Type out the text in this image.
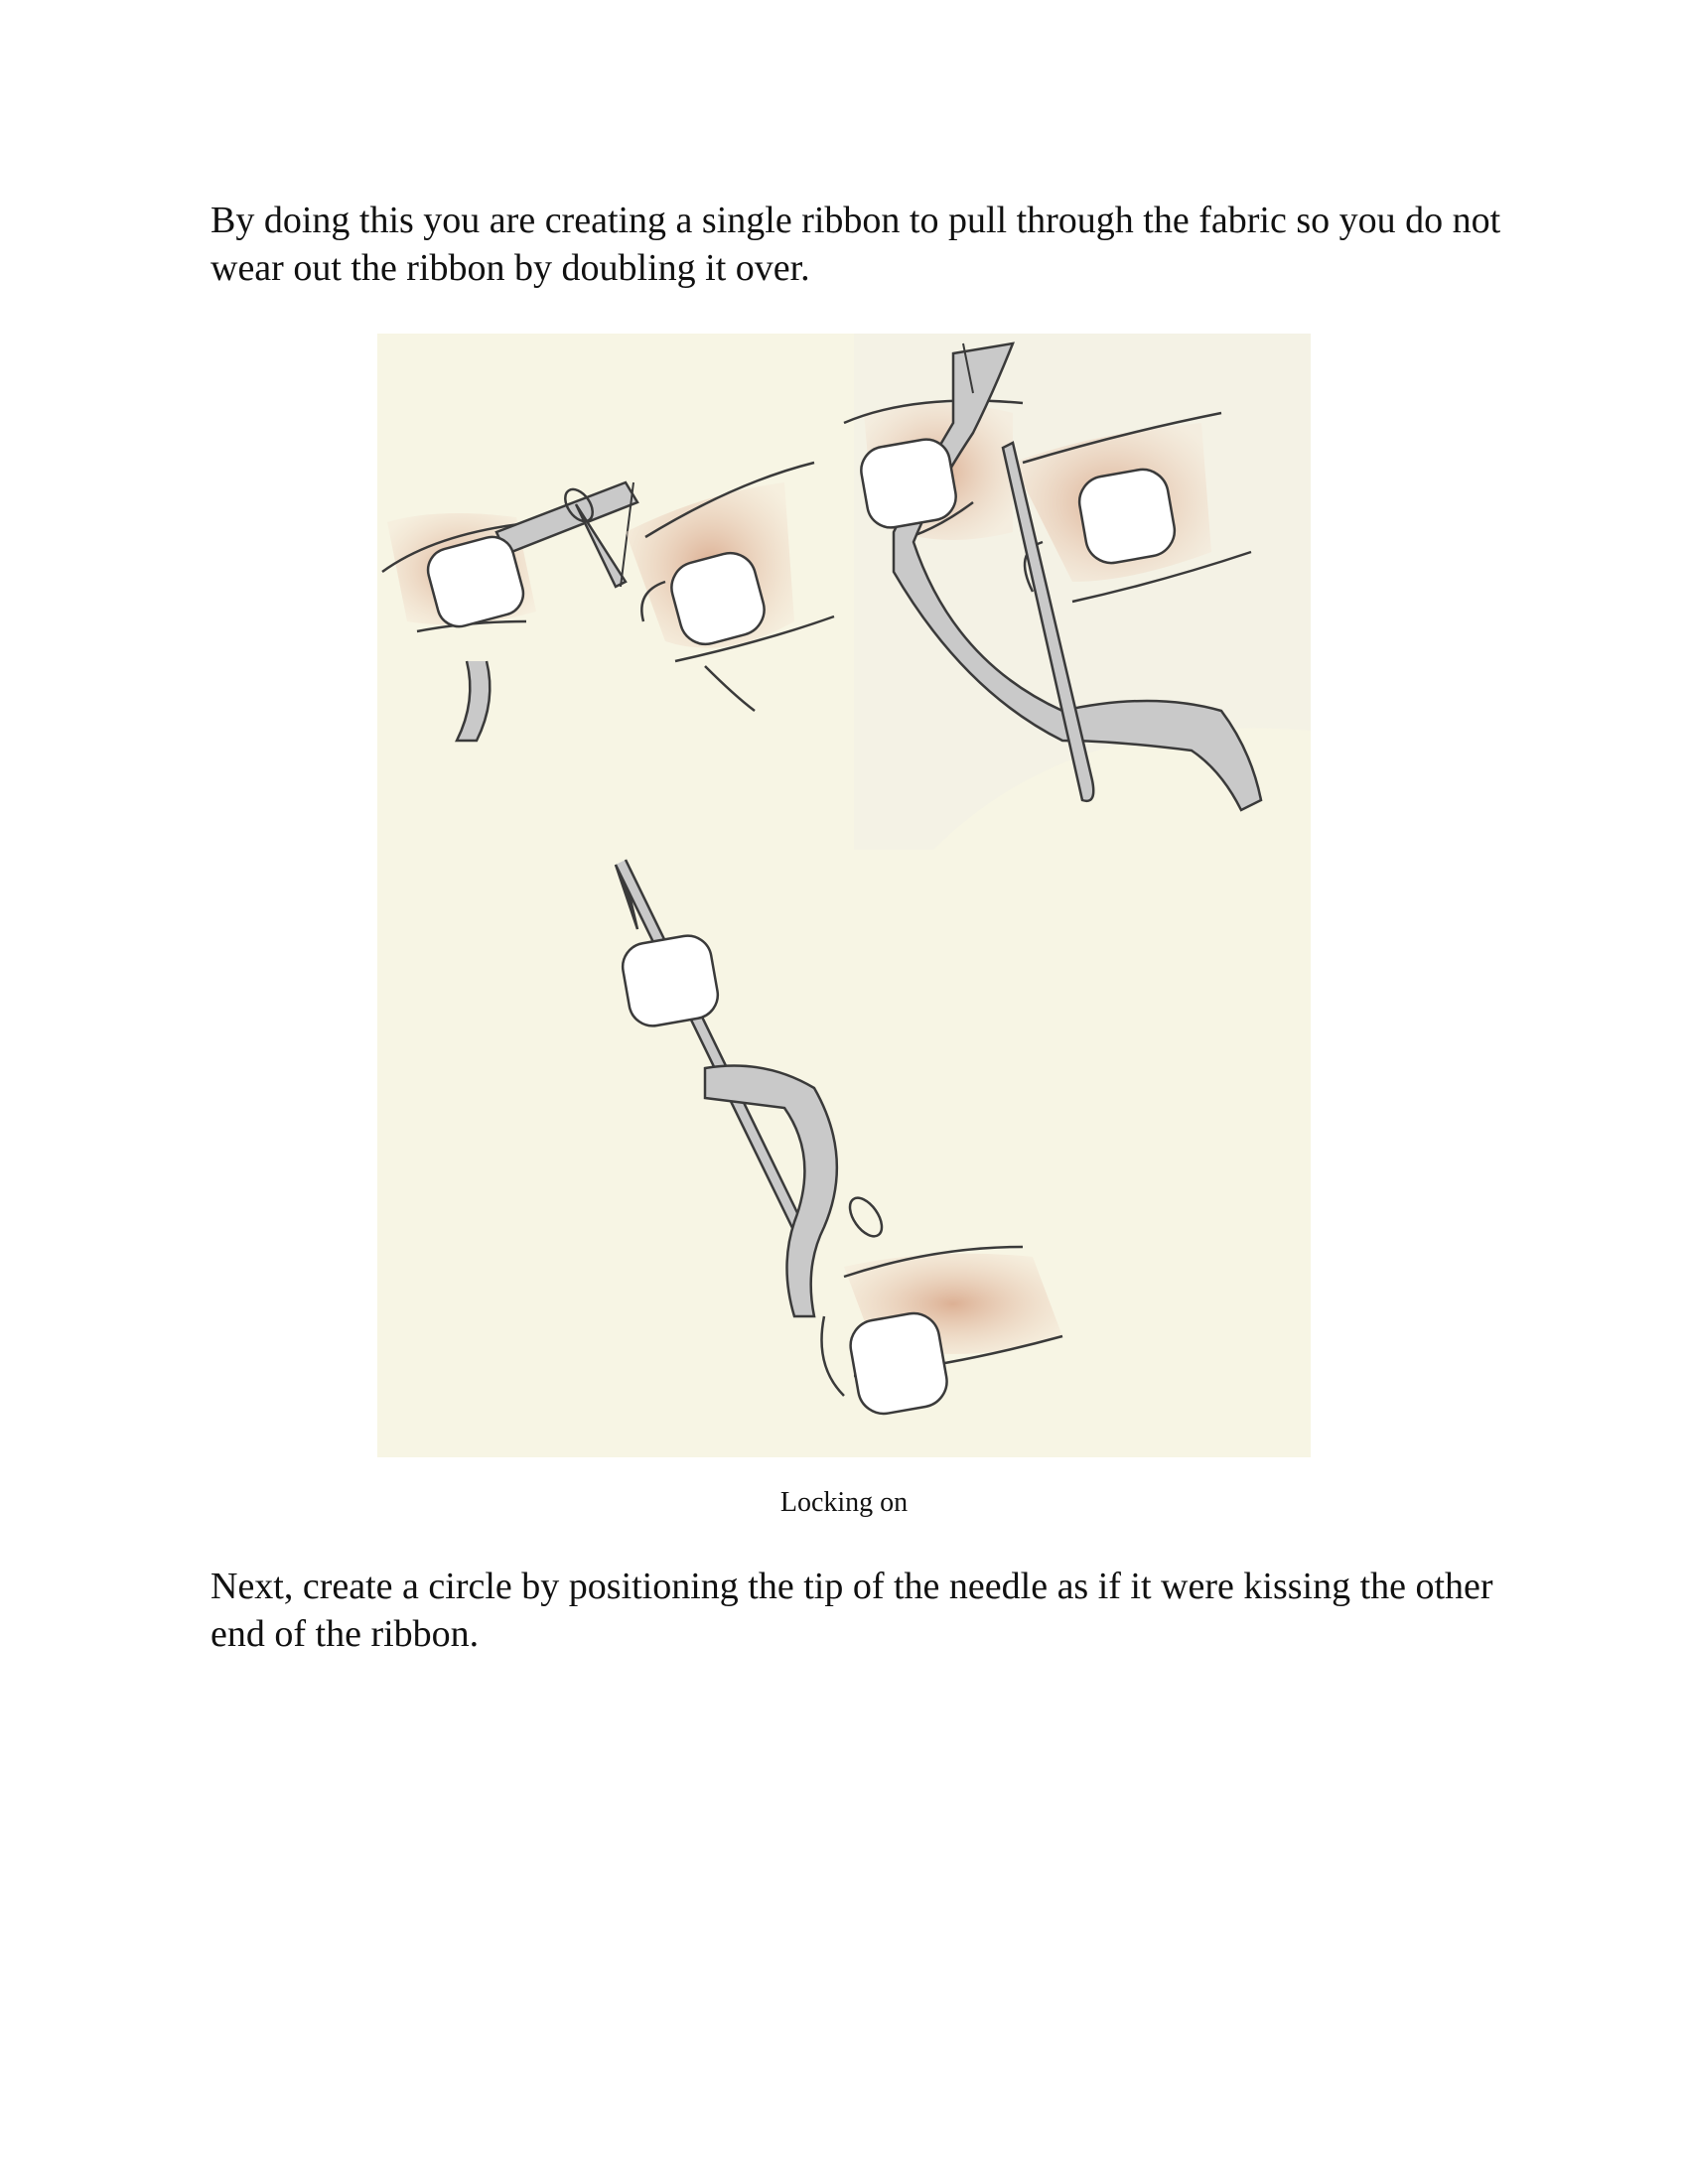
By doing this you are creating a single ribbon to pull through the fabric so you do not wear out the ribbon by doubling it over.

Locking on

Next, create a circle by positioning the tip of the needle as if it were kissing the other end of the ribbon.
